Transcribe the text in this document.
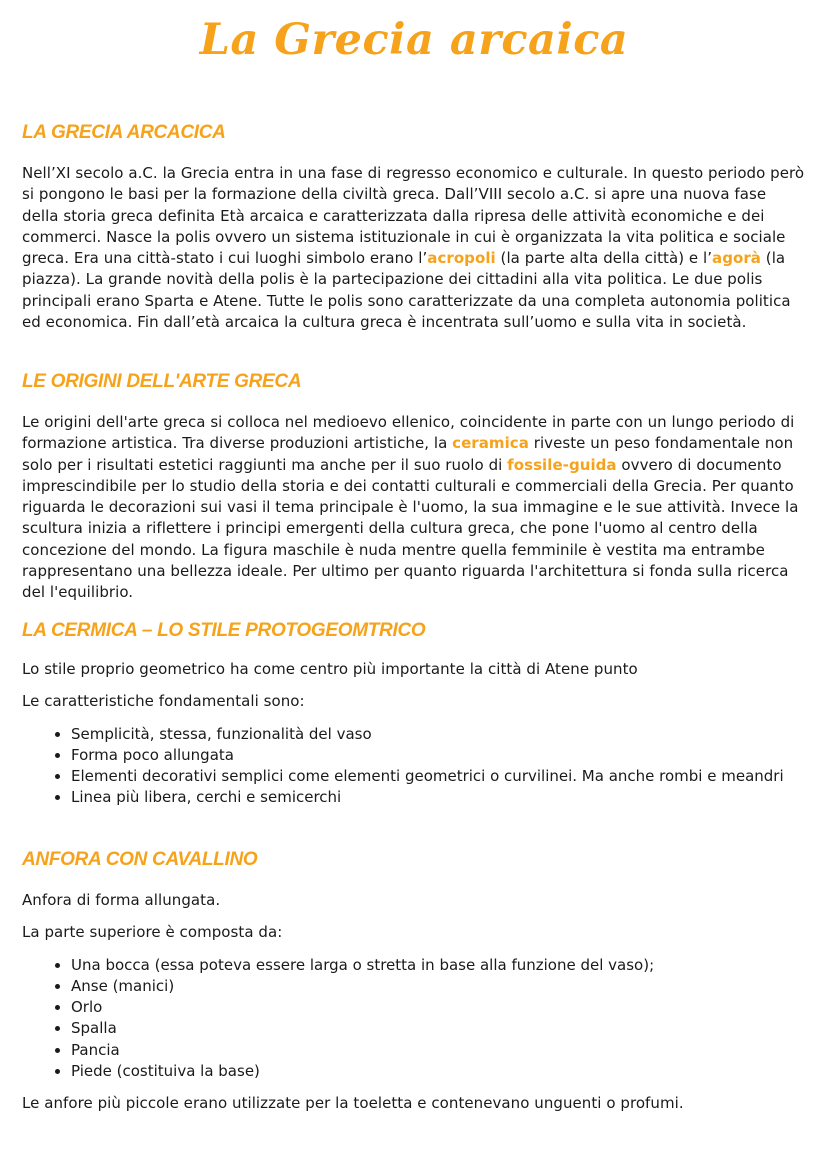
La Grecia arcaica
LA GRECIA ARCACICA

Nell’XI secolo a.C. la Grecia entra in una fase di regresso economico e culturale. In questo periodo però si pongono le basi per la formazione della civiltà greca. Dall’VIII secolo a.C. si apre una nuova fase della storia greca definita Età arcaica e caratterizzata dalla ripresa delle attività economiche e dei commerci. Nasce la polis ovvero un sistema istituzionale in cui è organizzata la vita politica e sociale greca. Era una città-stato i cui luoghi simbolo erano l’acropoli (la parte alta della città) e l’agorà (la piazza). La grande novità della polis è la partecipazione dei cittadini alla vita politica. Le due polis principali erano Sparta e Atene. Tutte le polis sono caratterizzate da una completa autonomia politica ed economica. Fin dall’età arcaica la cultura greca è incentrata sull’uomo e sulla vita in società.

LE ORIGINI DELL'ARTE GRECA

Le origini dell'arte greca si colloca nel medioevo ellenico, coincidente in parte con un lungo periodo di formazione artistica. Tra diverse produzioni artistiche, la ceramica riveste un peso fondamentale non solo per i risultati estetici raggiunti ma anche per il suo ruolo di fossile-guida ovvero di documento imprescindibile per lo studio della storia e dei contatti culturali e commerciali della Grecia. Per quanto riguarda le decorazioni sui vasi il tema principale è l'uomo, la sua immagine e le sue attività. Invece la scultura inizia a riflettere i principi emergenti della cultura greca, che pone l'uomo al centro della concezione del mondo. La figura maschile è nuda mentre quella femminile è vestita ma entrambe rappresentano una bellezza ideale. Per ultimo per quanto riguarda l'architettura si fonda sulla ricerca del l'equilibrio.

LA CERMICA – LO STILE PROTOGEOMTRICO

Lo stile proprio geometrico ha come centro più importante la città di Atene punto

Le caratteristiche fondamentali sono:

• Semplicità, stessa, funzionalità del vaso
• Forma poco allungata
• Elementi decorativi semplici come elementi geometrici o curvilinei. Ma anche rombi e meandri
• Linea più libera, cerchi e semicerchi
ANFORA CON CAVALLINO

Anfora di forma allungata.

La parte superiore è composta da:

• Una bocca (essa poteva essere larga o stretta in base alla funzione del vaso);
• Anse (manici)
• Orlo
• Spalla
• Pancia
• Piede (costituiva la base)

Le anfore più piccole erano utilizzate per la toeletta e contenevano unguenti o profumi.
